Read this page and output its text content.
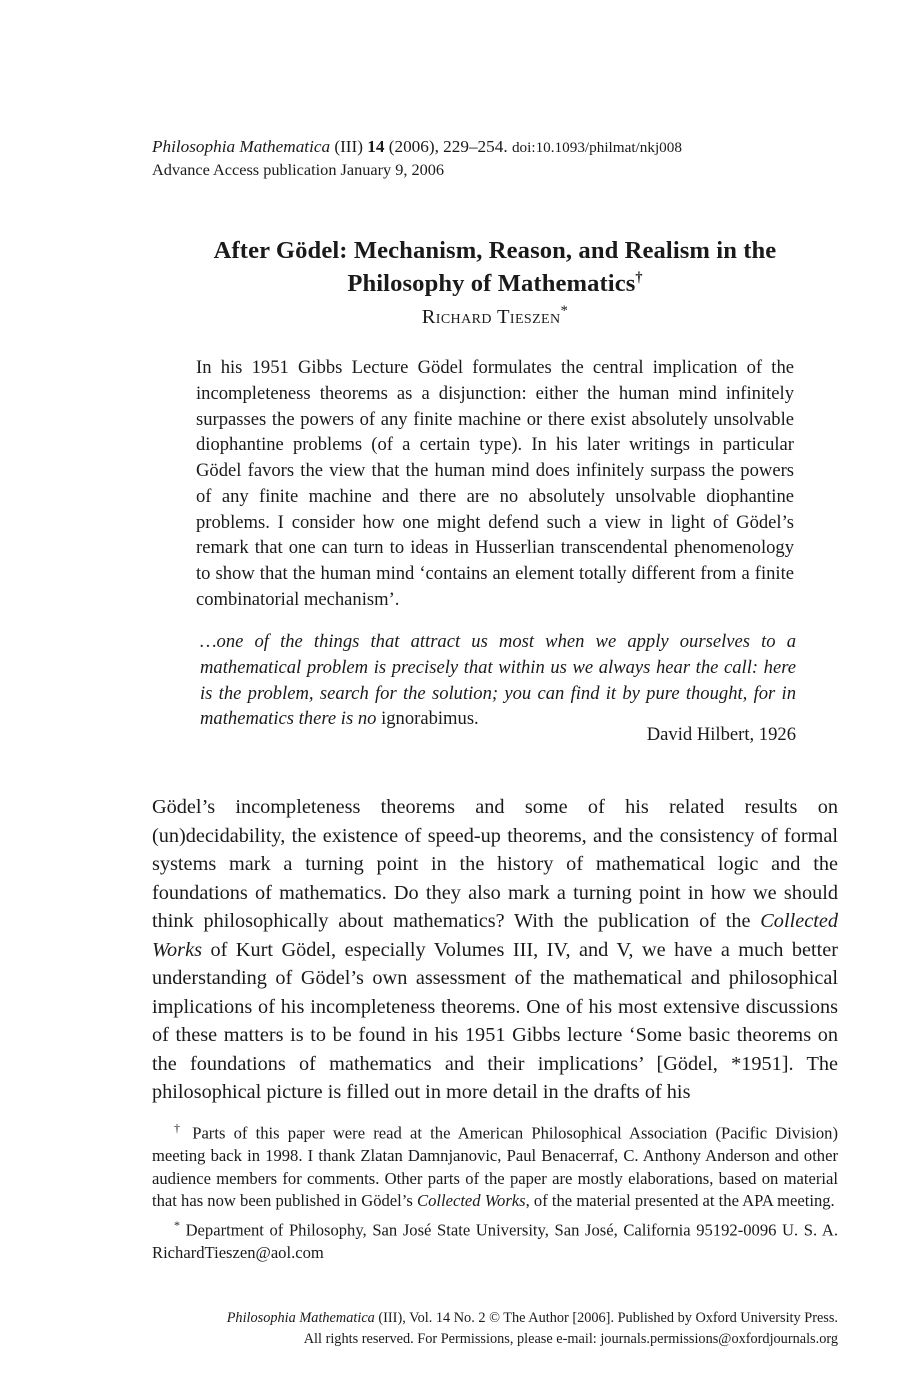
Philosophia Mathematica (III) 14 (2006), 229–254. doi:10.1093/philmat/nkj008
Advance Access publication January 9, 2006
After Gödel: Mechanism, Reason, and Realism in the
Philosophy of Mathematics†
Richard Tieszen*
In his 1951 Gibbs Lecture Gödel formulates the central implication of the incompleteness theorems as a disjunction: either the human mind infinitely surpasses the powers of any finite machine or there exist absolutely unsolvable diophantine problems (of a certain type). In his later writings in particular Gödel favors the view that the human mind does infinitely surpass the powers of any finite machine and there are no absolutely unsolvable diophantine problems. I consider how one might defend such a view in light of Gödel’s remark that one can turn to ideas in Husserlian transcendental phenomenology to show that the human mind ‘contains an element totally different from a finite combinatorial mechanism’.
…one of the things that attract us most when we apply ourselves to a mathematical problem is precisely that within us we always hear the call: here is the problem, search for the solution; you can find it by pure thought, for in mathematics there is no ignorabimus.
David Hilbert, 1926
Gödel’s incompleteness theorems and some of his related results on (un)decidability, the existence of speed-up theorems, and the consistency of formal systems mark a turning point in the history of mathematical logic and the foundations of mathematics. Do they also mark a turning point in how we should think philosophically about mathematics? With the publication of the Collected Works of Kurt Gödel, especially Volumes III, IV, and V, we have a much better understanding of Gödel’s own assessment of the mathematical and philosophical implications of his incompleteness theorems. One of his most extensive discussions of these matters is to be found in his 1951 Gibbs lecture ‘Some basic theorems on the foundations of mathematics and their implications’ [Gödel, *1951]. The philosophical picture is filled out in more detail in the drafts of his
† Parts of this paper were read at the American Philosophical Association (Pacific Division) meeting back in 1998. I thank Zlatan Damnjanovic, Paul Benacerraf, C. Anthony Anderson and other audience members for comments. Other parts of the paper are mostly elaborations, based on material that has now been published in Gödel’s Collected Works, of the material presented at the APA meeting.
* Department of Philosophy, San José State University, San José, California 95192-0096 U. S. A. RichardTieszen@aol.com
Philosophia Mathematica (III), Vol. 14 No. 2 © The Author [2006]. Published by Oxford University Press.
All rights reserved. For Permissions, please e-mail: journals.permissions@oxfordjournals.org
